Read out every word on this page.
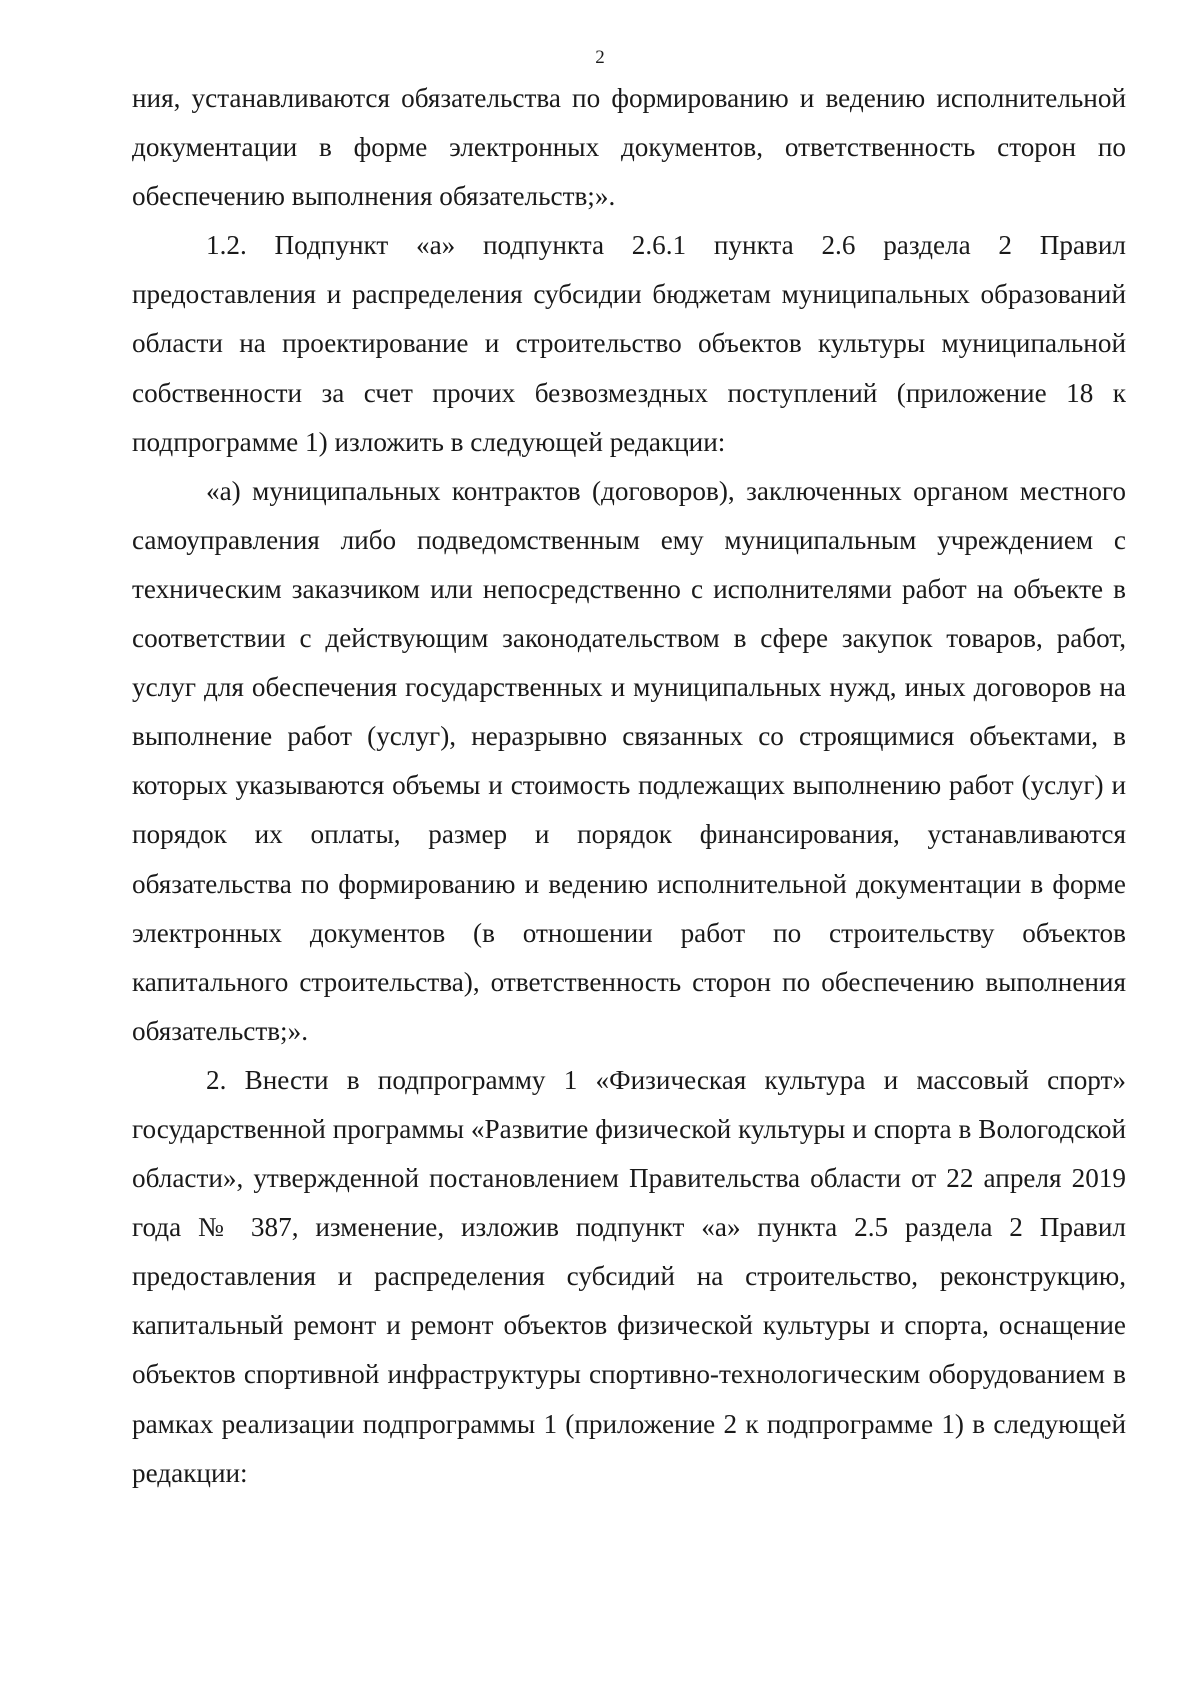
2

ния, устанавливаются обязательства по формированию и ведению исполнительной документации в форме электронных документов, ответственность сторон по обеспечению выполнения обязательств;».

1.2. Подпункт «а» подпункта 2.6.1 пункта 2.6 раздела 2 Правил предоставления и распределения субсидии бюджетам муниципальных образований области на проектирование и строительство объектов культуры муниципальной собственности за счет прочих безвозмездных поступлений (приложение 18 к подпрограмме 1) изложить в следующей редакции:

«а) муниципальных контрактов (договоров), заключенных органом местного самоуправления либо подведомственным ему муниципальным учреждением с техническим заказчиком или непосредственно с исполнителями работ на объекте в соответствии с действующим законодательством в сфере закупок товаров, работ, услуг для обеспечения государственных и муниципальных нужд, иных договоров на выполнение работ (услуг), неразрывно связанных со строящимися объектами, в которых указываются объемы и стоимость подлежащих выполнению работ (услуг) и порядок их оплаты, размер и порядок финансирования, устанавливаются обязательства по формированию и ведению исполнительной документации в форме электронных документов (в отношении работ по строительству объектов капитального строительства), ответственность сторон по обеспечению выполнения обязательств;».

2. Внести в подпрограмму 1 «Физическая культура и массовый спорт» государственной программы «Развитие физической культуры и спорта в Вологодской области», утвержденной постановлением Правительства области от 22 апреля 2019 года № 387, изменение, изложив подпункт «а» пункта 2.5 раздела 2 Правил предоставления и распределения субсидий на строительство, реконструкцию, капитальный ремонт и ремонт объектов физической культуры и спорта, оснащение объектов спортивной инфраструктуры спортивно-технологическим оборудованием в рамках реализации подпрограммы 1 (приложение 2 к подпрограмме 1) в следующей редакции:
